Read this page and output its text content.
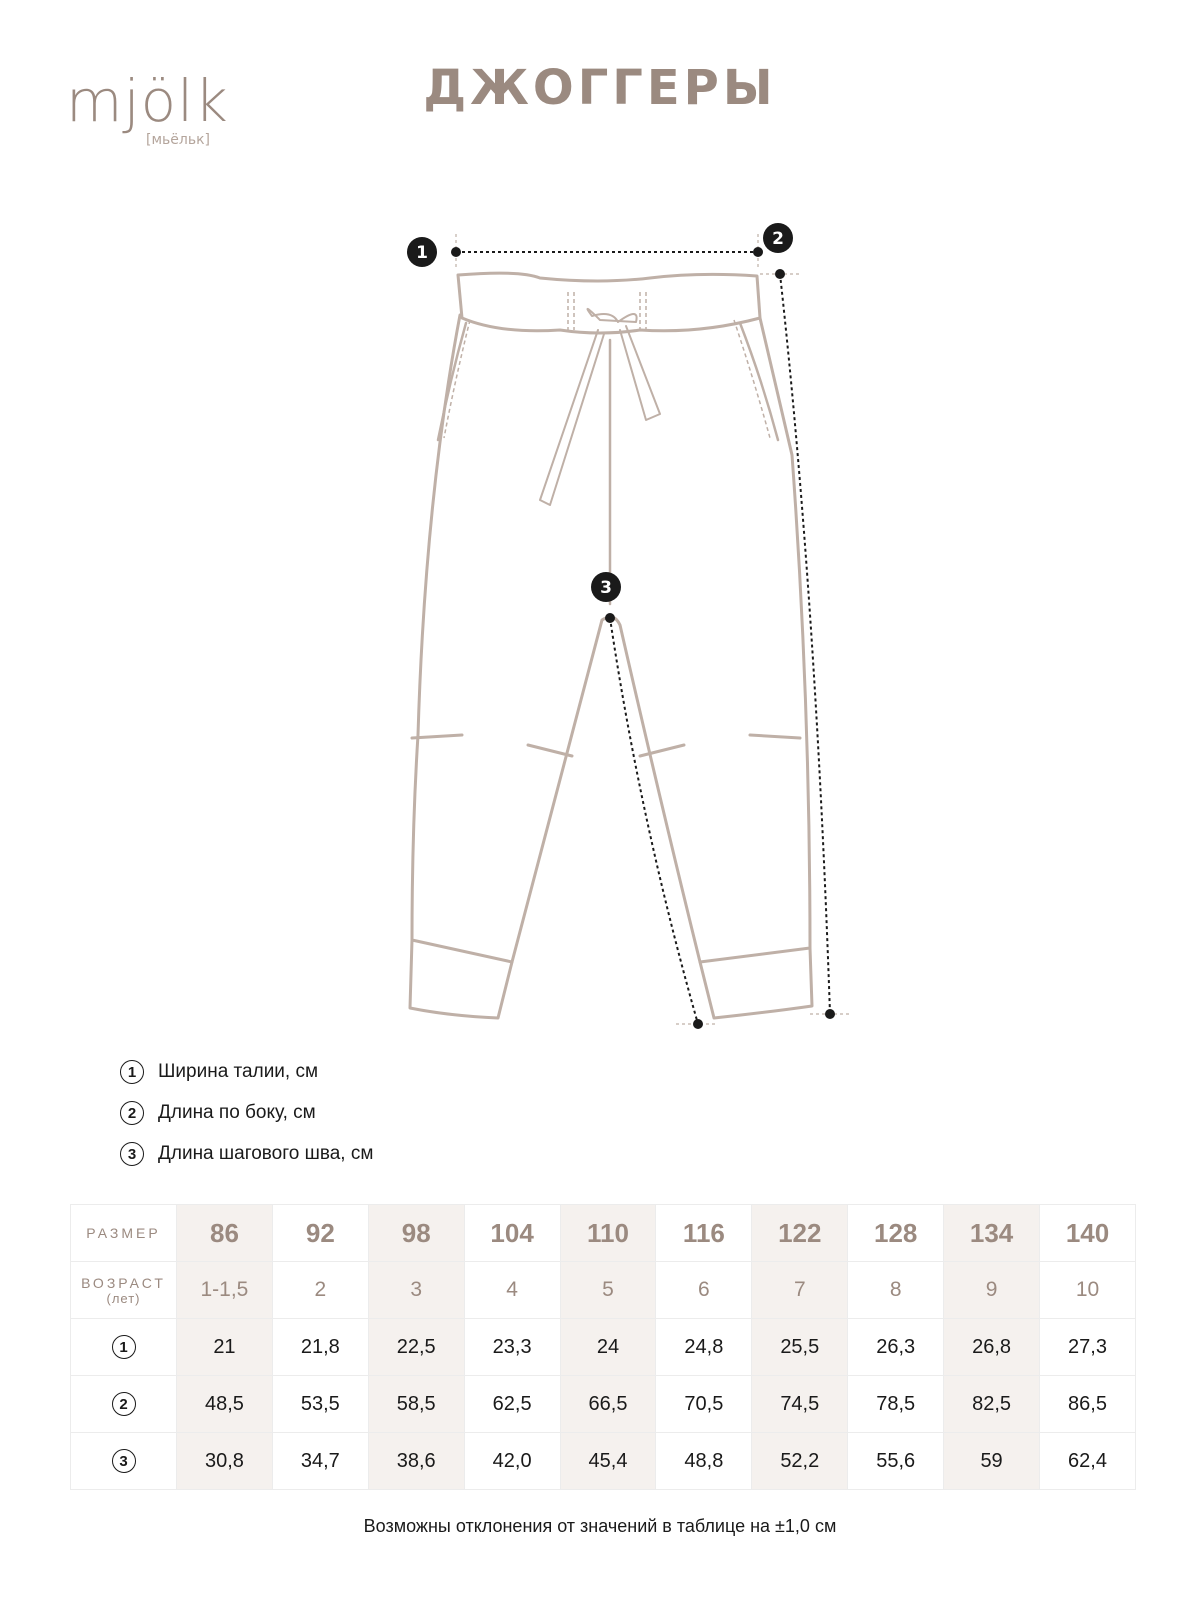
mjölk
[мьёльк]
ДЖОГГЕРЫ
1
2
3
1	Ширина талии, см
2	Длина по боку, см
3	Длина шагового шва, см
РАЗМЕР	86	92	98	104	110	116	122	128	134	140
ВОЗРАСТ
(лет)	1-1,5	2	3	4	5	6	7	8	9	10

1	21	21,8	22,5	23,3	24	24,8	25,5	26,3	26,8	27,3

2	48,5	53,5	58,5	62,5	66,5	70,5	74,5	78,5	82,5	86,5

3	30,8	34,7	38,6	42,0	45,4	48,8	52,2	55,6	59	62,4
Возможны отклонения от значений в таблице на ±1,0 см
